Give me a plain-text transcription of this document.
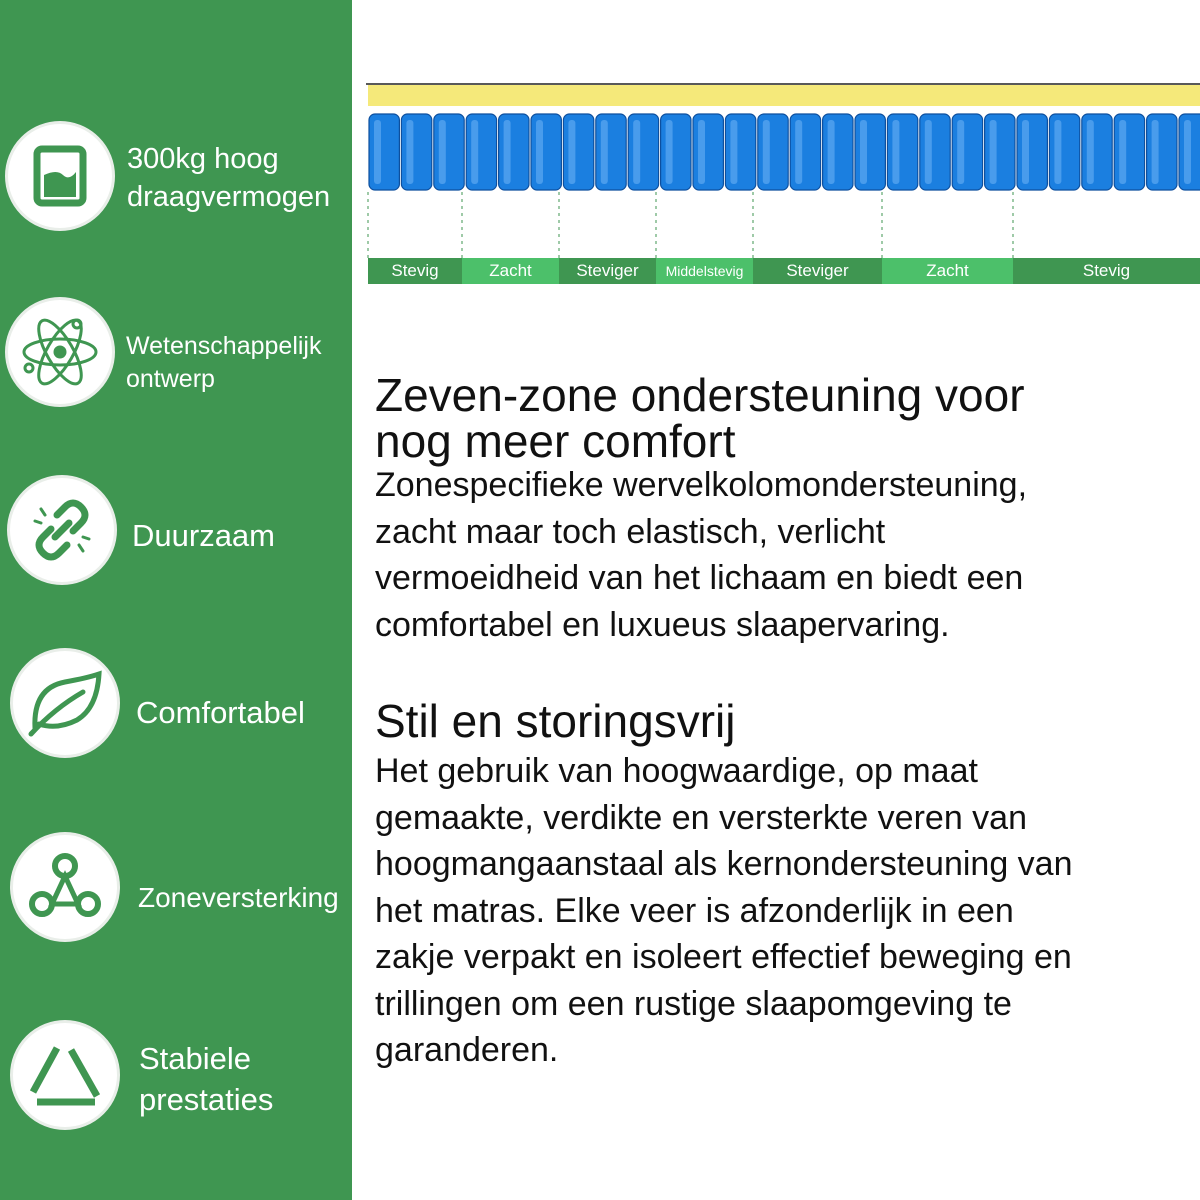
300kg hoog
draagvermogen
Wetenschappelijk
ontwerp
Duurzaam
Comfortabel
Zoneversterking
Stabiele
prestaties
Stevig	Zacht	Steviger	Middelstevig	Steviger	Zacht	Stevig
Zeven-zone ondersteuning voor
nog meer comfort

Zonespecifieke wervelkolomondersteuning,
zacht maar toch elastisch, verlicht
vermoeidheid van het lichaam en biedt een
comfortabel en luxueus slaapervaring.

Stil en storingsvrij

Het gebruik van hoogwaardige, op maat
gemaakte, verdikte en versterkte veren van
hoogmangaanstaal als kernondersteuning van
het matras. Elke veer is afzonderlijk in een
zakje verpakt en isoleert effectief beweging en
trillingen om een rustige slaapomgeving te
garanderen.
